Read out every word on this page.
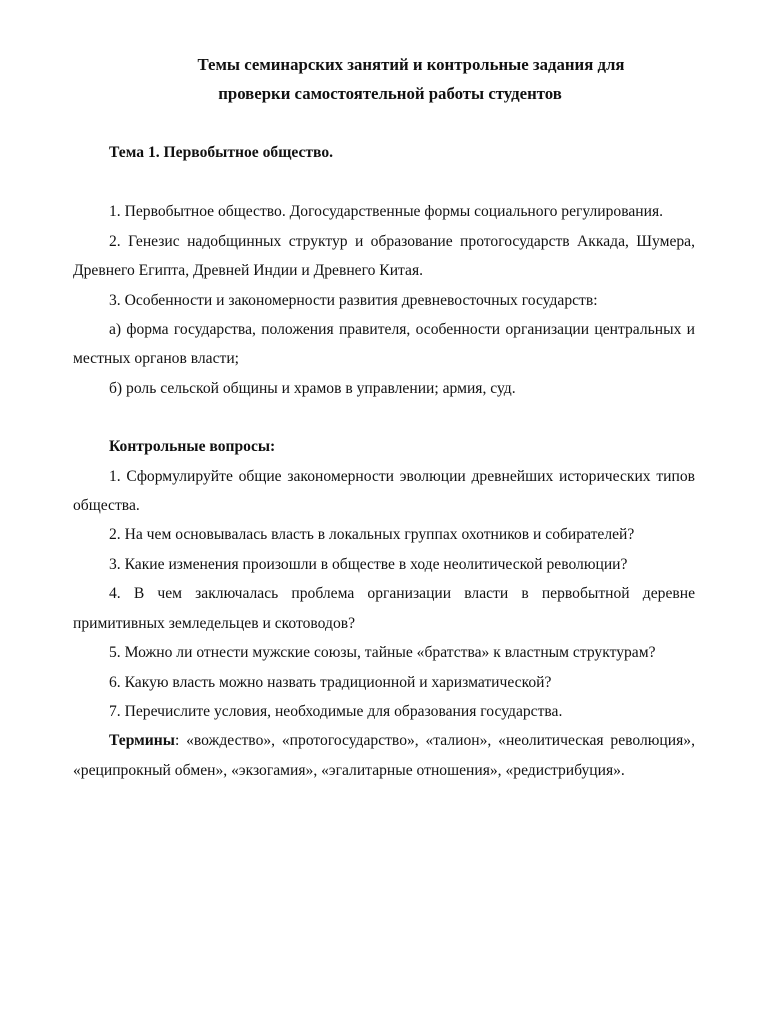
Темы семинарских занятий и контрольные задания для
проверки самостоятельной работы студентов

Тема 1. Первобытное общество.

1. Первобытное общество. Догосударственные формы социального регулирования.

2. Генезис надобщинных структур и образование протогосударств Аккада, Шумера, Древнего Египта, Древней Индии и Древнего Китая.

3. Особенности и закономерности развития древневосточных государств:

а) форма государства, положения правителя, особенности организации центральных и местных органов власти;

б) роль сельской общины и храмов в управлении; армия, суд.

Контрольные вопросы:

1. Сформулируйте общие закономерности эволюции древнейших исторических типов общества.

2. На чем основывалась власть в локальных группах охотников и собирателей?

3. Какие изменения произошли в обществе в ходе неолитической революции?

4. В чем заключалась проблема организации власти в первобытной деревне примитивных земледельцев и скотоводов?

5. Можно ли отнести мужские союзы, тайные «братства» к властным структурам?

6. Какую власть можно назвать традиционной и харизматической?

7. Перечислите условия, необходимые для образования государства.

Термины: «вождество», «протогосударство», «талион», «неолитическая революция», «реципрокный обмен», «экзогамия», «эгалитарные отношения», «редистрибуция».
